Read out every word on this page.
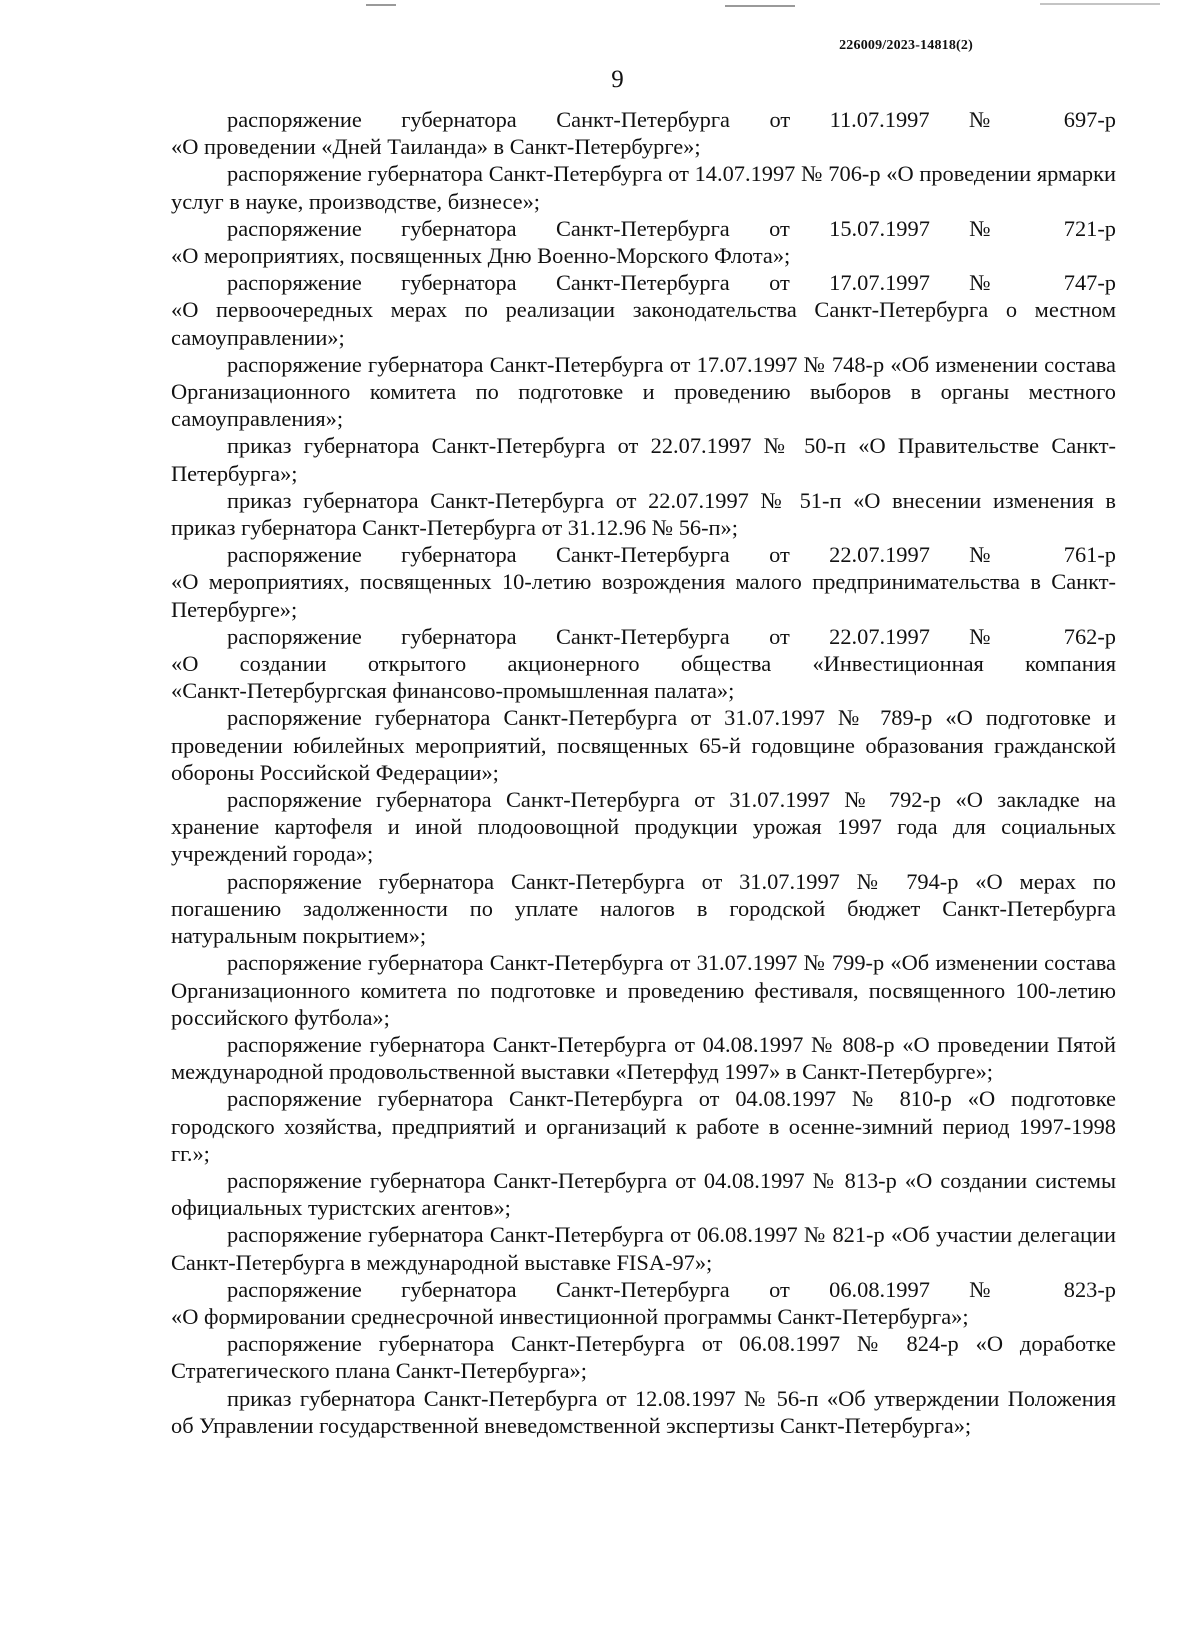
226009/2023-14818(2)
9

распоряжение губернатора Санкт-Петербурга от 11.07.1997 № 697-р
«О проведении «Дней Таиланда» в Санкт-Петербурге»;

распоряжение губернатора Санкт-Петербурга от 14.07.1997 № 706-р «О проведении ярмарки услуг в науке, производстве, бизнесе»;

распоряжение губернатора Санкт-Петербурга от 15.07.1997 № 721-р
«О мероприятиях, посвященных Дню Военно-Морского Флота»;

распоряжение губернатора Санкт-Петербурга от 17.07.1997 № 747-р
«О первоочередных мерах по реализации законодательства Санкт-Петербурга о местном самоуправлении»;

распоряжение губернатора Санкт-Петербурга от 17.07.1997 № 748-р «Об изменении состава Организационного комитета по подготовке и проведению выборов в органы местного самоуправления»;

приказ губернатора Санкт-Петербурга от 22.07.1997 № 50-п «О Правительстве Санкт-Петербурга»;

приказ губернатора Санкт-Петербурга от 22.07.1997 № 51-п «О внесении изменения в приказ губернатора Санкт-Петербурга от 31.12.96 № 56-п»;

распоряжение губернатора Санкт-Петербурга от 22.07.1997 № 761-р
«О мероприятиях, посвященных 10-летию возрождения малого предпринимательства в Санкт-Петербурге»;

распоряжение губернатора Санкт-Петербурга от 22.07.1997 № 762-р
«О создании открытого акционерного общества «Инвестиционная компания
«Санкт-Петербургская финансово-промышленная палата»;

распоряжение губернатора Санкт-Петербурга от 31.07.1997 № 789-р «О подготовке и проведении юбилейных мероприятий, посвященных 65-й годовщине образования гражданской обороны Российской Федерации»;

распоряжение губернатора Санкт-Петербурга от 31.07.1997 № 792-р «О закладке на хранение картофеля и иной плодоовощной продукции урожая 1997 года для социальных учреждений города»;

распоряжение губернатора Санкт-Петербурга от 31.07.1997 № 794-р «О мерах по погашению задолженности по уплате налогов в городской бюджет Санкт-Петербурга натуральным покрытием»;

распоряжение губернатора Санкт-Петербурга от 31.07.1997 № 799-р «Об изменении состава Организационного комитета по подготовке и проведению фестиваля, посвященного 100-летию российского футбола»;

распоряжение губернатора Санкт-Петербурга от 04.08.1997 № 808-р «О проведении Пятой международной продовольственной выставки «Петерфуд 1997» в Санкт-Петербурге»;

распоряжение губернатора Санкт-Петербурга от 04.08.1997 № 810-р «О подготовке городского хозяйства, предприятий и организаций к работе в осенне-зимний период 1997-1998 гг.»;

распоряжение губернатора Санкт-Петербурга от 04.08.1997 № 813-р «О создании системы официальных туристских агентов»;

распоряжение губернатора Санкт-Петербурга от 06.08.1997 № 821-р «Об участии делегации Санкт-Петербурга в международной выставке FISA-97»;

распоряжение губернатора Санкт-Петербурга от 06.08.1997 № 823-р
«О формировании среднесрочной инвестиционной программы Санкт-Петербурга»;

распоряжение губернатора Санкт-Петербурга от 06.08.1997 № 824-р «О доработке Стратегического плана Санкт-Петербурга»;

приказ губернатора Санкт-Петербурга от 12.08.1997 № 56-п «Об утверждении Положения об Управлении государственной вневедомственной экспертизы Санкт-Петербурга»;
